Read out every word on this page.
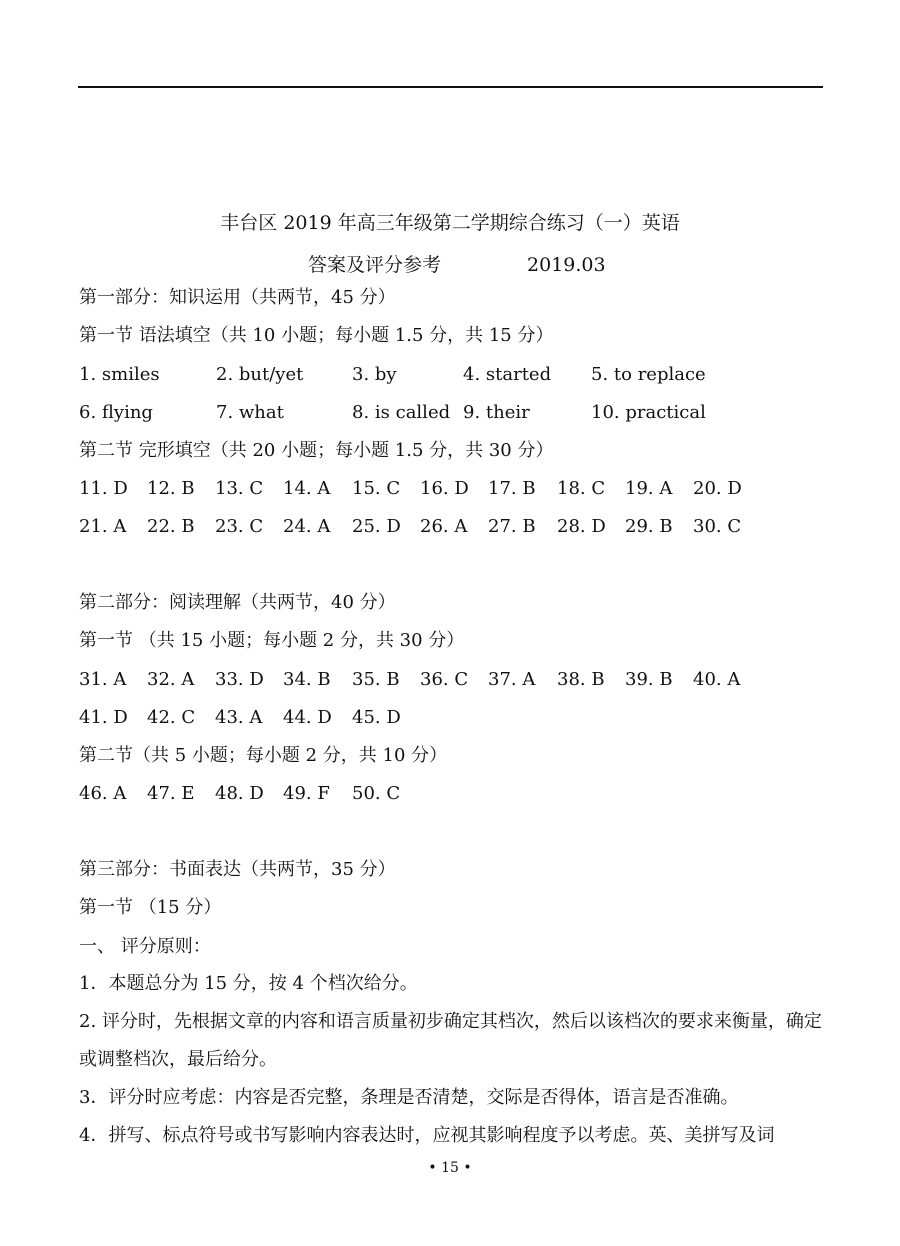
丰台区 2019 年高三年级第二学期综合练习（一）英语
答案及评分参考	2019.03
第一部分：知识运用（共两节，45 分）
第一节 语法填空（共 10 小题；每小题 1.5 分，共 15 分）
1. smiles	2. but/yet	3. by	4. started 5. to replace
6. flying	7. what	8. is called 9. their	10. practical
第二节 完形填空（共 20 小题；每小题 1.5 分，共 30 分）
11. D 12. B 13. C 14. A 15. C 16. D 17. B 18. C 19. A 20. D
21. A 22. B 23. C 24. A 25. D 26. A 27. B 28. D 29. B 30. C
第二部分：阅读理解（共两节，40 分）
第一节 （共 15 小题；每小题 2 分，共 30 分）
31. A 32. A 33. D 34. B 35. B 36. C 37. A 38. B 39. B 40. A
41. D 42. C 43. A 44. D 45. D
第二节（共 5 小题；每小题 2 分，共 10 分）
46. A 47. E 48. D 49. F 50. C
第三部分：书面表达（共两节，35 分）
第一节 （15 分）
一、 评分原则：
1．本题总分为 15 分，按 4 个档次给分。
2. 评分时，先根据文章的内容和语言质量初步确定其档次，然后以该档次的要求来衡量，确定或调整档次，最后给分。
3．评分时应考虑：内容是否完整，条理是否清楚，交际是否得体，语言是否准确。
4．拼写、标点符号或书写影响内容表达时，应视其影响程度予以考虑。英、美拼写及词
• 15 •
